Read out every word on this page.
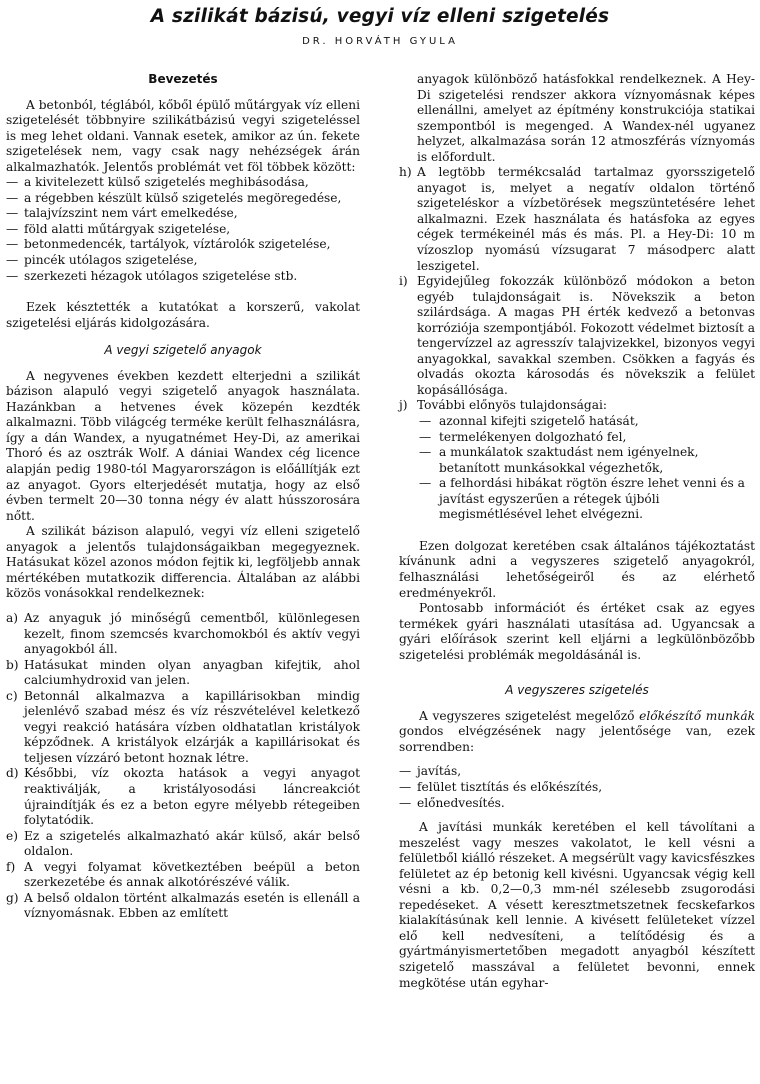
A szilikát bázisú, vegyi víz elleni szigetelés
DR. HORVÁTH GYULA
Bevezetés

A betonból, téglából, kőből épülő műtárgyak víz elleni szigetelését többnyire szilikátbázisú vegyi szigeteléssel is meg lehet oldani. Vannak esetek, amikor az ún. fekete szigetelések nem, vagy csak nagy nehézségek árán alkalmazhatók. Jelentős problémát vet föl többek között:

— a kivitelezett külső szigetelés meghibásodása,
— a régebben készült külső szigetelés megöregedése,
— talajvízszint nem várt emelkedése,
— föld alatti műtárgyak szigetelése,
— betonmedencék, tartályok, víztárolók szigetelése,
— pincék utólagos szigetelése,
— szerkezeti hézagok utólagos szigetelése stb.

Ezek késztették a kutatókat a korszerű, vakolat szigetelési eljárás kidolgozására.

A vegyi szigetelő anyagok

A negyvenes években kezdett elterjedni a szilikát bázison alapuló vegyi szigetelő anyagok használata. Hazánkban a hetvenes évek közepén kezdték alkalmazni. Több világcég terméke került felhasználásra, így a dán Wandex, a nyugatnémet Hey-Di, az amerikai Thoró és az osztrák Wolf. A dániai Wandex cég licence alapján pedig 1980-tól Magyarországon is előállítják ezt az anyagot. Gyors elterjedését mutatja, hogy az első évben termelt 20—30 tonna négy év alatt hússzorosára nőtt.

A szilikát bázison alapuló, vegyi víz elleni szigetelő anyagok a jelentős tulajdonságaikban megegyeznek. Hatásukat közel azonos módon fejtik ki, legföljebb annak mértékében mutatkozik differencia. Általában az alábbi közös vonásokkal rendelkeznek:

a) Az anyaguk jó minőségű cementből, különlegesen kezelt, finom szemcsés kvarchomokból és aktív vegyi anyagokból áll.
b) Hatásukat minden olyan anyagban kifejtik, ahol calciumhydroxid van jelen.
c) Betonnál alkalmazva a kapillárisokban mindig jelenlévő szabad mész és víz részvételével keletkező vegyi reakció hatására vízben oldhatatlan kristályok képződnek. A kristályok elzárják a kapillárisokat és teljesen vízzáró betont hoznak létre.
d) Későbbi, víz okozta hatások a vegyi anyagot reaktiválják, a kristályosodási láncreakciót újraindítják és ez a beton egyre mélyebb rétegeiben folytatódik.
e) Ez a szigetelés alkalmazható akár külső, akár belső oldalon.
f) A vegyi folyamat következtében beépül a beton szerkezetébe és annak alkotórészévé válik.
g) A belső oldalon történt alkalmazás esetén is ellenáll a víznyomásnak. Ebben az említett
anyagok különböző hatásfokkal rendelkeznek. A Hey-Di szigetelési rendszer akkora víznyomásnak képes ellenállni, amelyet az építmény konstrukciója statikai szempontból is megenged. A Wandex-nél ugyanez helyzet, alkalmazása során 12 atmoszférás víznyomás is előfordult.
h) A legtöbb termékcsalád tartalmaz gyorsszigetelő anyagot is, melyet a negatív oldalon történő szigeteléskor a vízbetörések megszüntetésére lehet alkalmazni. Ezek használata és hatásfoka az egyes cégek termékeinél más és más. Pl. a Hey-Di: 10 m vízoszlop nyomású vízsugarat 7 másodperc alatt leszigetel.
i) Egyidejűleg fokozzák különböző módokon a beton egyéb tulajdonságait is. Növekszik a beton szilárdsága. A magas PH érték kedvező a betonvas korróziója szempontjából. Fokozott védelmet biztosít a tengervízzel az agresszív talajvizekkel, bizonyos vegyi anyagokkal, savakkal szemben. Csökken a fagyás és olvadás okozta károsodás és növekszik a felület kopásállósága.
j) További előnyös tulajdonságai:
— azonnal kifejti szigetelő hatását,
— termelékenyen dolgozható fel,
— a munkálatok szaktudást nem igényelnek, betanított munkásokkal végezhetők,
— a felhordási hibákat rögtön észre lehet venni és a javítást egyszerűen a rétegek újbóli megismétlésével lehet elvégezni.

Ezen dolgozat keretében csak általános tájékoztatást kívánunk adni a vegyszeres szigetelő anyagokról, felhasználási lehetőségeiről és az elérhető eredményekről.

Pontosabb információt és értéket csak az egyes termékek gyári használati utasítása ad. Ugyancsak a gyári előírások szerint kell eljárni a legkülönbözőbb szigetelési problémák megoldásánál is.

A vegyszeres szigetelés

A vegyszeres szigetelést megelőző előkészítő munkák gondos elvégzésének nagy jelentősége van, ezek sorrendben:

— javítás,
— felület tisztítás és előkészítés,
— előnedvesítés.

A javítási munkák keretében el kell távolítani a meszelést vagy meszes vakolatot, le kell vésni a felületből kiálló részeket. A megsérült vagy kavicsfészkes felületet az ép betonig kell kivésni. Ugyancsak végig kell vésni a kb. 0,2—0,3 mm-nél szélesebb zsugorodási repedéseket. A vésett keresztmetszetnek fecskefarkos kialakításúnak kell lennie. A kivésett felületeket vízzel elő kell nedvesíteni, a telítődésig és a gyártmányismertetőben megadott anyagból készített szigetelő masszával a felületet bevonni, ennek megkötése után egyhar-
